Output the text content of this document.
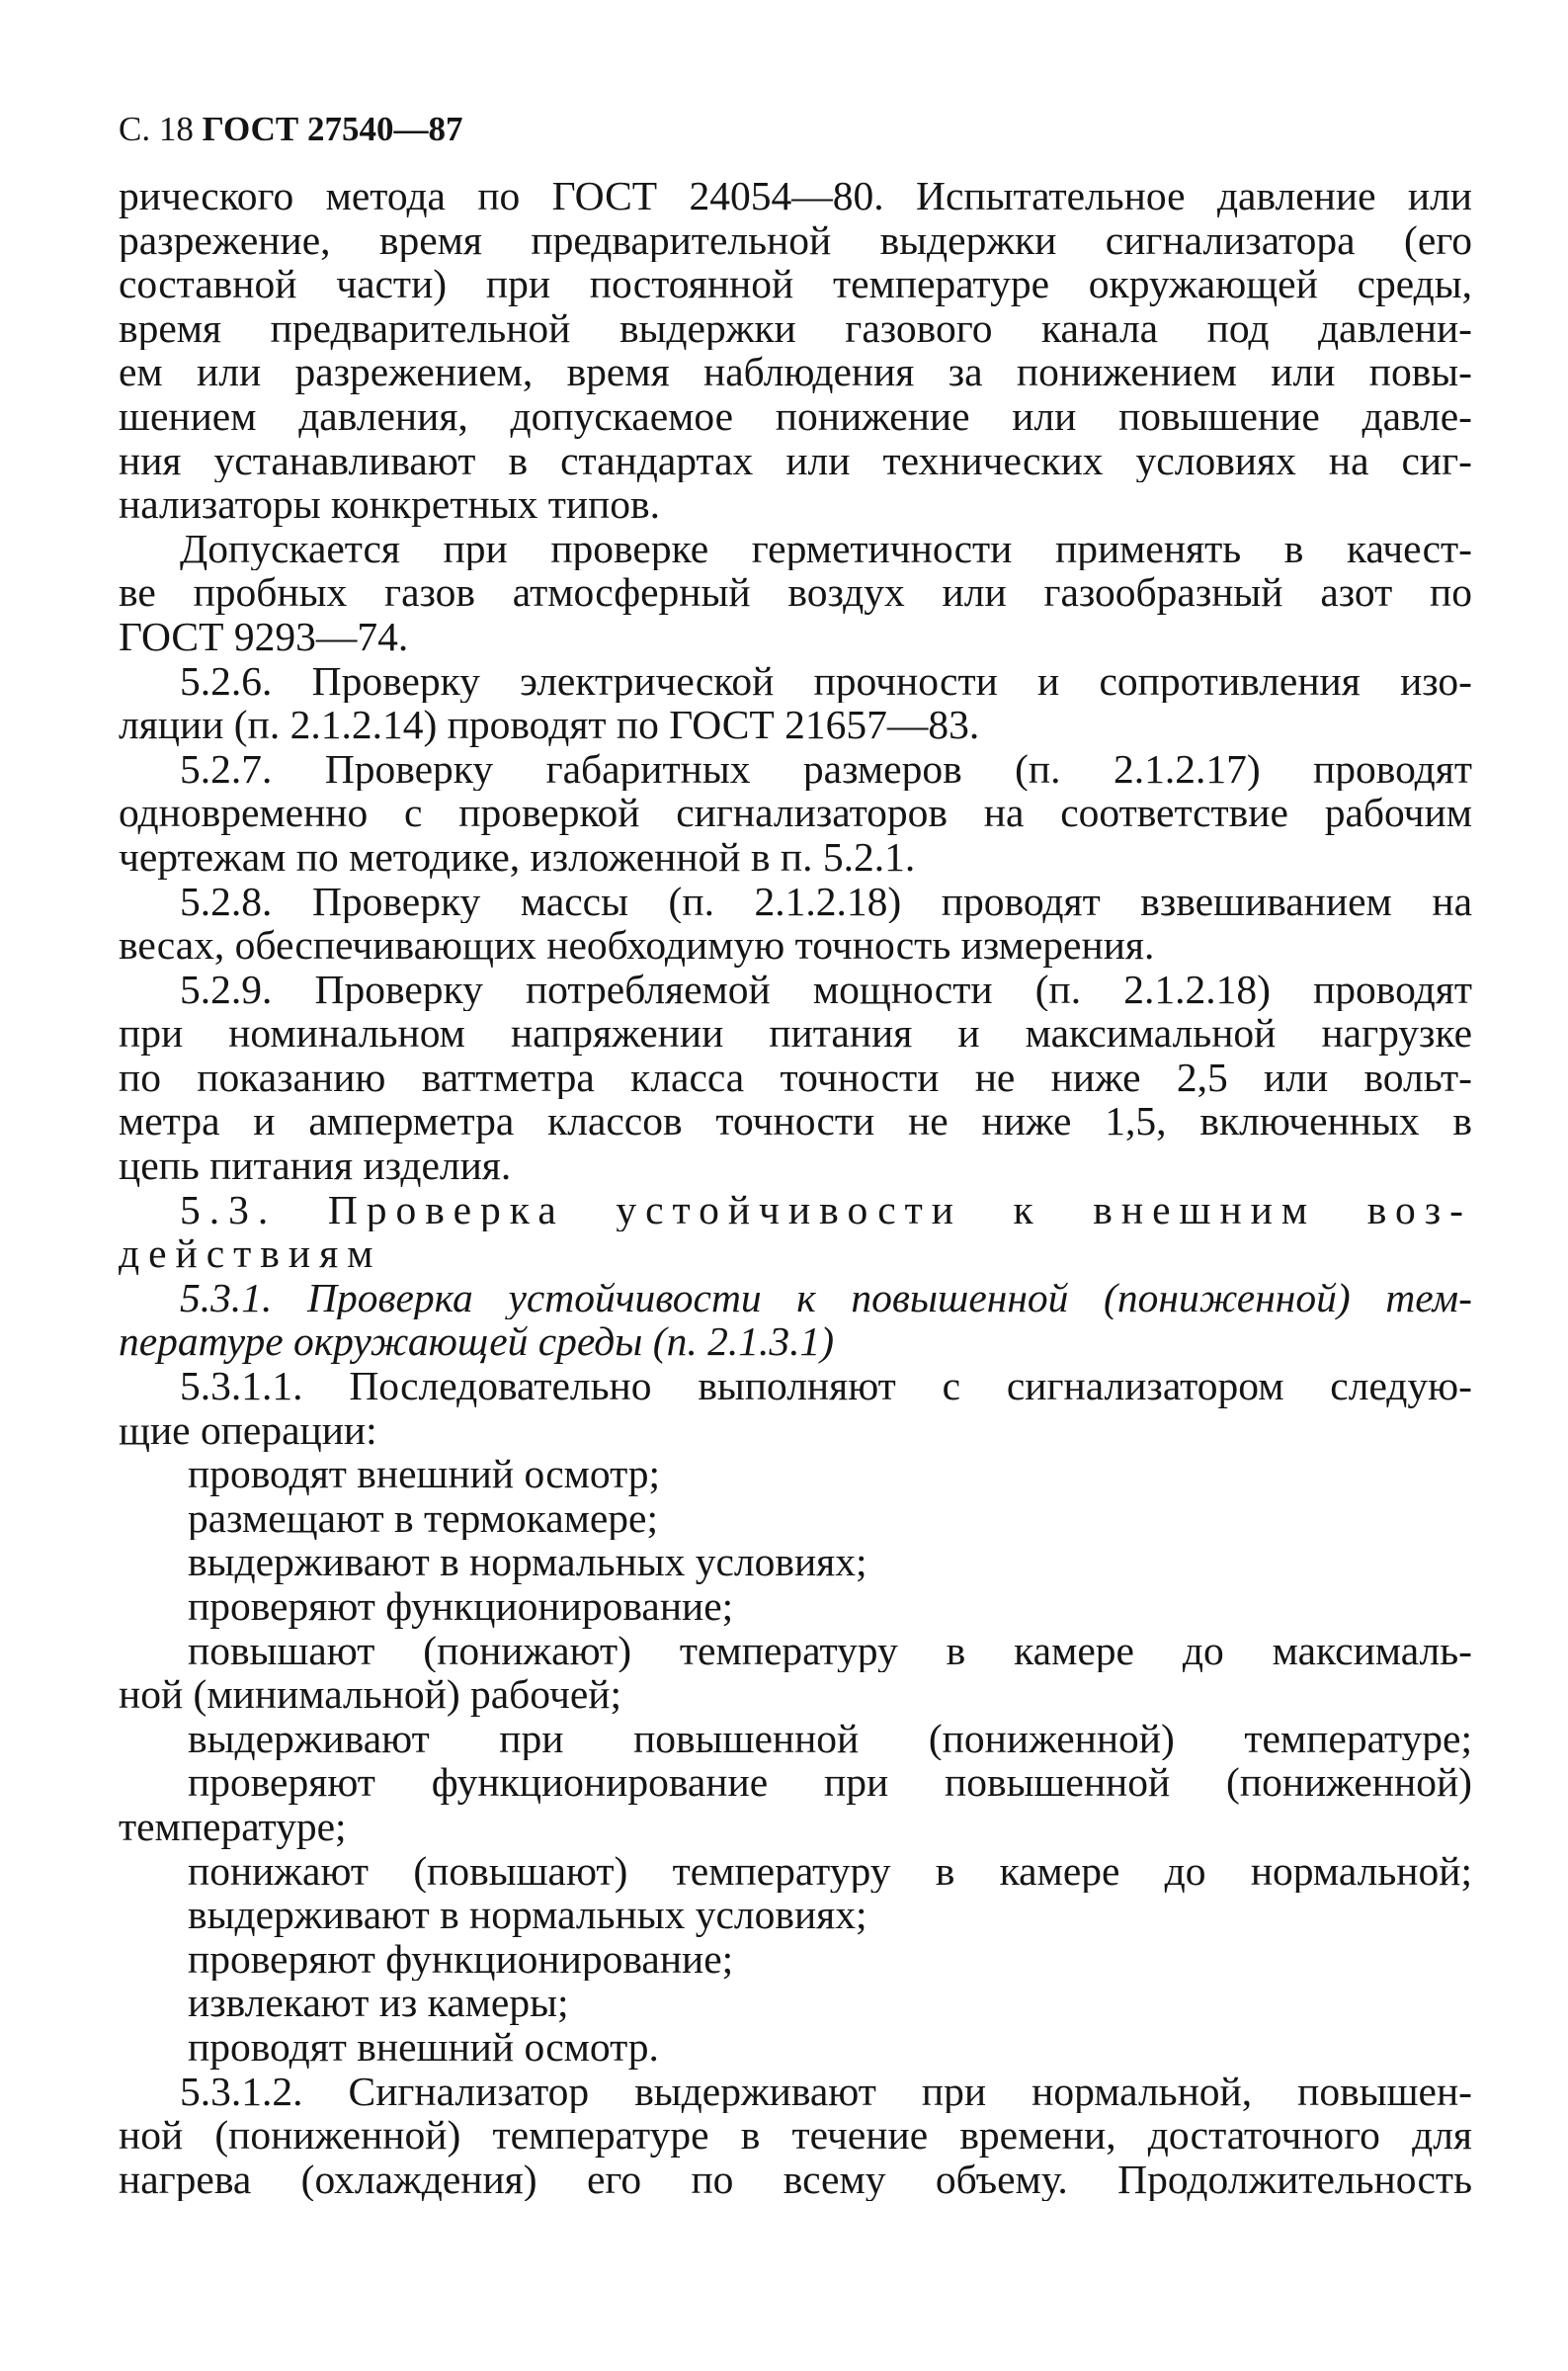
С. 18 ГОСТ 27540—87
рического метода по ГОСТ 24054—80. Испытательное давление или
разрежение, время предварительной выдержки сигнализатора (его
составной части) при постоянной температуре окружающей среды,
время предварительной выдержки газового канала под давлени-
ем или разрежением, время наблюдения за понижением или повы-
шением давления, допускаемое понижение или повышение давле-
ния устанавливают в стандартах или технических условиях на сиг-
нализаторы конкретных типов.
Допускается при проверке герметичности применять в качест-
ве пробных газов атмосферный воздух или газообразный азот по
ГОСТ 9293—74.
5.2.6. Проверку электрической прочности и сопротивления изо-
ляции (п. 2.1.2.14) проводят по ГОСТ 21657—83.
5.2.7. Проверку габаритных размеров (п. 2.1.2.17) проводят
одновременно с проверкой сигнализаторов на соответствие рабочим
чертежам по методике, изложенной в п. 5.2.1.
5.2.8. Проверку массы (п. 2.1.2.18) проводят взвешиванием на
весах, обеспечивающих необходимую точность измерения.
5.2.9. Проверку потребляемой мощности (п. 2.1.2.18) проводят
при номинальном напряжении питания и максимальной нагрузке
по показанию ваттметра класса точности не ниже 2,5 или вольт-
метра и амперметра классов точности не ниже 1,5, включенных в
цепь питания изделия.
5.3. Проверка устойчивости к внешним воз-
действиям
5.3.1. Проверка устойчивости к повышенной (пониженной) тем-
пературе окружающей среды (п. 2.1.3.1)
5.3.1.1. Последовательно выполняют с сигнализатором следую-
щие операции:
проводят внешний осмотр;
размещают в термокамере;
выдерживают в нормальных условиях;
проверяют функционирование;
повышают (понижают) температуру в камере до максималь-
ной (минимальной) рабочей;
выдерживают при повышенной (пониженной) температуре;
проверяют функционирование при повышенной (пониженной)
температуре;
понижают (повышают) температуру в камере до нормальной;
выдерживают в нормальных условиях;
проверяют функционирование;
извлекают из камеры;
проводят внешний осмотр.
5.3.1.2. Сигнализатор выдерживают при нормальной, повышен-
ной (пониженной) температуре в течение времени, достаточного для
нагрева (охлаждения) его по всему объему. Продолжительность
